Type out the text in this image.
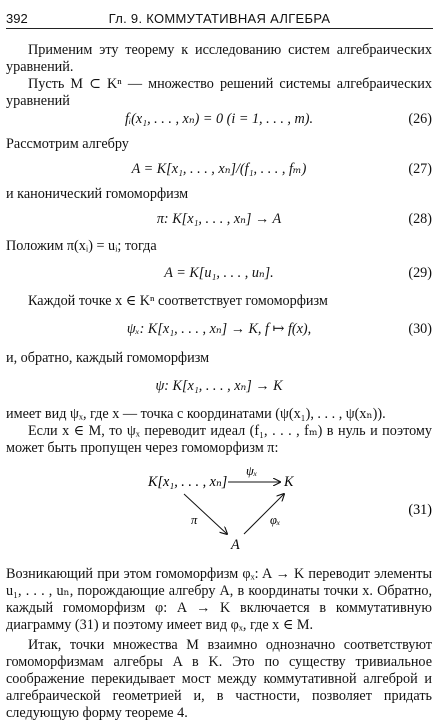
392	Гл. 9. КОММУТАТИВНАЯ АЛГЕБРА

Применим эту теорему к исследованию систем алгебраических уравнений.

Пусть M ⊂ Kⁿ — множество решений системы алгебраических уравнений

fᵢ(x₁, . . . , xₙ) = 0 (i = 1, . . . , m).	(26)

Рассмотрим алгебру

A = K[x₁, . . . , xₙ]/(f₁, . . . , fₘ)	(27)

и канонический гомоморфизм

π: K[x₁, . . . , xₙ] → A	(28)

Положим π(xᵢ) = uᵢ; тогда

A = K[u₁, . . . , uₙ].	(29)

Каждой точке x ∈ Kⁿ соответствует гомоморфизм

ψₓ: K[x₁, . . . , xₙ] → K, f ↦ f(x),	(30)

и, обратно, каждый гомоморфизм

ψ: K[x₁, . . . , xₙ] → K

имеет вид ψₓ, где x — точка с координатами (ψ(x₁), . . . , ψ(xₙ)).

Если x ∈ M, то ψₓ переводит идеал (f₁, . . . , fₘ) в нуль и поэтому может быть пропущен через гомоморфизм π:

K[x₁, . . . , xₙ]	K
A
ψₓ
π	φₓ
(31)

Возникающий при этом гомоморфизм φₓ: A → K переводит элементы u₁, . . . , uₙ, порождающие алгебру A, в координаты точки x. Обратно, каждый гомоморфизм φ: A → K включается в коммутативную диаграмму (31) и поэтому имеет вид φₓ, где x ∈ M.

Итак, точки множества M взаимно однозначно соответствуют гомоморфизмам алгебры A в K. Это по существу тривиальное соображение перекидывает мост между коммутативной алгеброй и алгебраической геометрией и, в частности, позволяет придать следующую форму теореме 4.
